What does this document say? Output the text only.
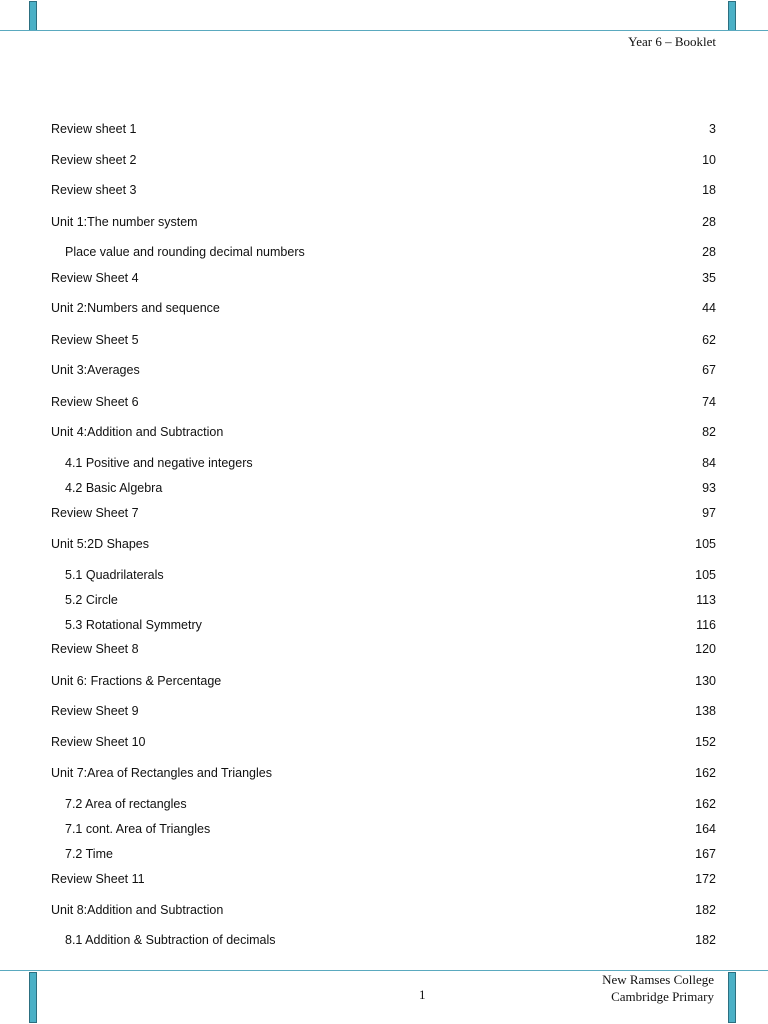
Year 6 – Booklet
Review sheet 1	3
Review sheet 2	10
Review sheet 3	18
Unit 1:The number system	28
Place value and rounding decimal numbers	28
Review Sheet 4	35
Unit 2:Numbers and sequence	44
Review Sheet 5	62
Unit 3:Averages	67
Review Sheet 6	74
Unit 4:Addition and Subtraction	82
4.1 Positive and negative integers	84
4.2 Basic Algebra	93
Review Sheet 7	97
Unit 5:2D Shapes	105
5.1 Quadrilaterals	105
5.2 Circle	113
5.3 Rotational Symmetry	116
Review Sheet 8	120
Unit 6: Fractions & Percentage	130
Review Sheet 9	138
Review Sheet 10	152
Unit 7:Area of Rectangles and Triangles	162
7.2 Area of rectangles	162
7.1 cont. Area of Triangles	164
7.2 Time	167
Review Sheet 11	172
Unit 8:Addition and Subtraction	182
8.1 Addition & Subtraction of decimals	182
1
New Ramses College
Cambridge Primary
